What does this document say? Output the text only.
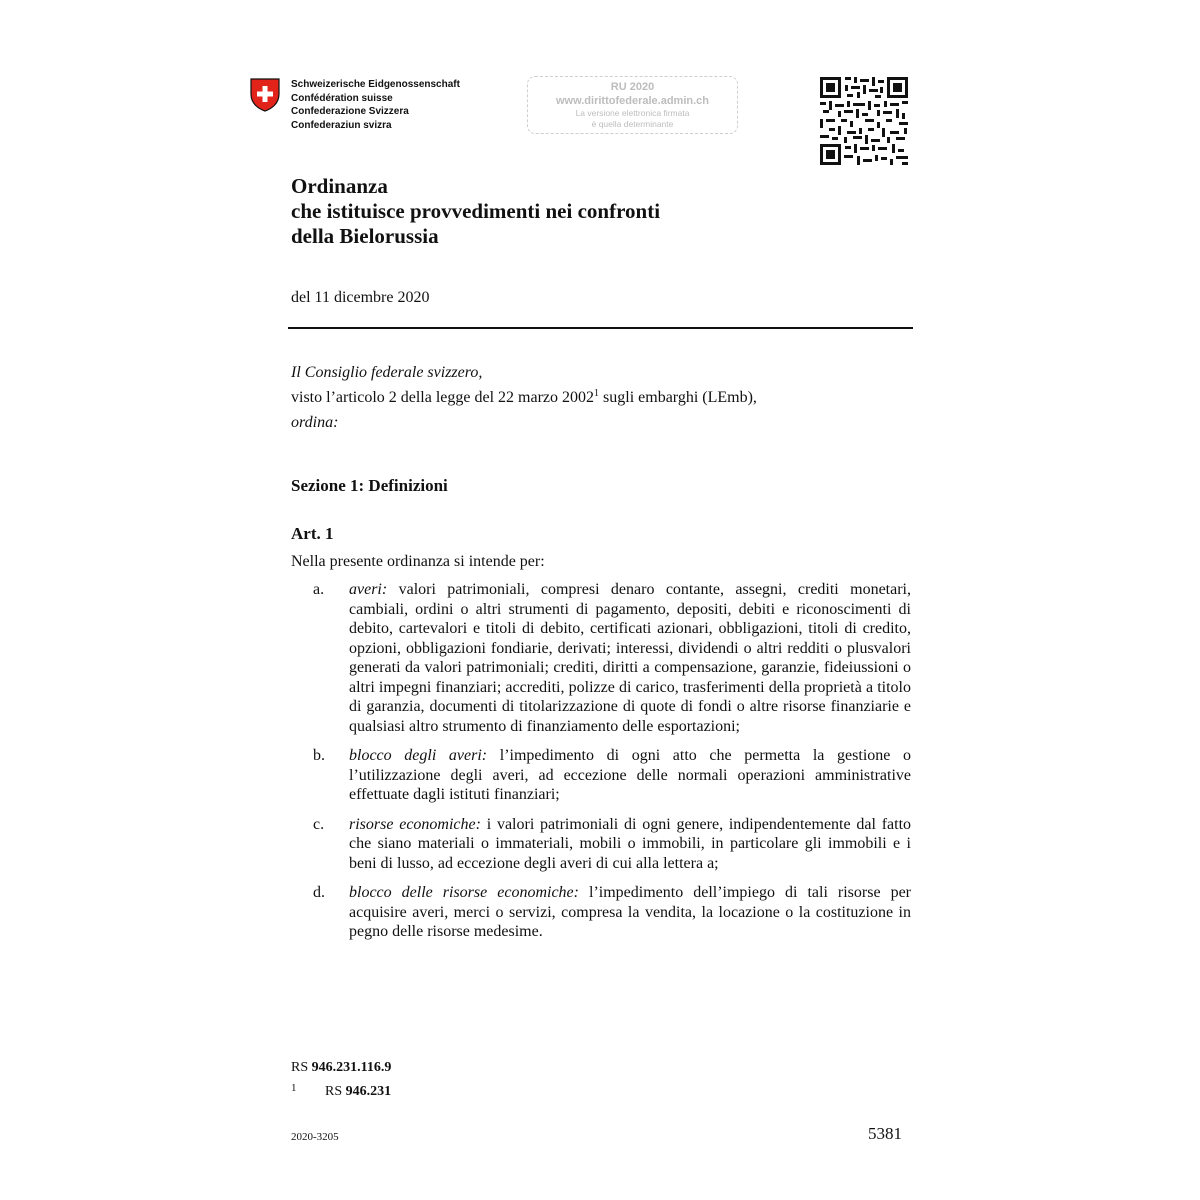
Schweizerische Eidgenossenschaft
Confédération suisse
Confederazione Svizzera
Confederaziun svizra
RU 2020
www.dirittofederale.admin.ch
La versione elettronica firmata
è quella determinante
Ordinanza
che istituisce provvedimenti nei confronti
della Bielorussia
del 11 dicembre 2020
Il Consiglio federale svizzero,
visto l’articolo 2 della legge del 22 marzo 2002$^1$ sugli embarghi (LEmb),
ordina:
Sezione 1: Definizioni
Art. 1
Nella presente ordinanza si intende per:
a. averi: valori patrimoniali, compresi denaro contante, assegni, crediti monetari, cambiali, ordini o altri strumenti di pagamento, depositi, debiti e riconoscimenti di debito, cartevalori e titoli di debito, certificati azionari, obbligazioni, titoli di credito, opzioni, obbligazioni fondiarie, derivati; interessi, dividendi o altri redditi o plusvalori generati da valori patrimoniali; crediti, diritti a compensazione, garanzie, fideiussioni o altri impegni finanziari; accrediti, polizze di carico, trasferimenti della proprietà a titolo di garanzia, documenti di titolarizzazione di quote di fondi o altre risorse finanziarie e qualsiasi altro strumento di finanziamento delle esportazioni;
b. blocco degli averi: l’impedimento di ogni atto che permetta la gestione o l’utilizzazione degli averi, ad eccezione delle normali operazioni amministrative effettuate dagli istituti finanziari;
c. risorse economiche: i valori patrimoniali di ogni genere, indipendentemente dal fatto che siano materiali o immateriali, mobili o immobili, in particolare gli immobili e i beni di lusso, ad eccezione degli averi di cui alla lettera a;
d. blocco delle risorse economiche: l’impedimento dell’impiego di tali risorse per acquisire averi, merci o servizi, compresa la vendita, la locazione o la costituzione in pegno delle risorse medesime.
RS 946.231.116.9
1 RS 946.231
2020-3205	5381
